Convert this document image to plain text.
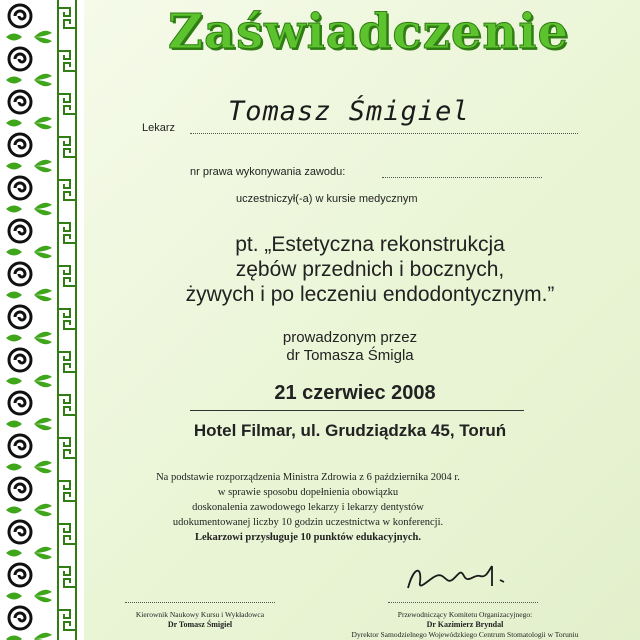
Zaświadczenie
Lekarz
Tomasz Śmigiel
nr prawa wykonywania zawodu:
uczestniczył(-a) w kursie medycznym
pt. „Estetyczna rekonstrukcja
zębów przednich i bocznych,
żywych i po leczeniu endodontycznym.”
prowadzonym przez
dr Tomasza Śmigla
21 czerwiec 2008
Hotel Filmar, ul. Grudziądzka 45, Toruń
Na podstawie rozporządzenia Ministra Zdrowia z 6 października 2004 r.
w sprawie sposobu dopełnienia obowiązku
doskonalenia zawodowego lekarzy i lekarzy dentystów
udokumentowanej liczby 10 godzin uczestnictwa w konferencji.
Lekarzowi przysługuje 10 punktów edukacyjnych.
Kierownik Naukowy Kursu i Wykładowca
Dr Tomasz Śmigiel
Przewodniczący Komitetu Organizacyjnego:
Dr Kazimierz Bryndal
Dyrektor Samodzielnego Wojewódzkiego Centrum Stomatologii w Toruniu
